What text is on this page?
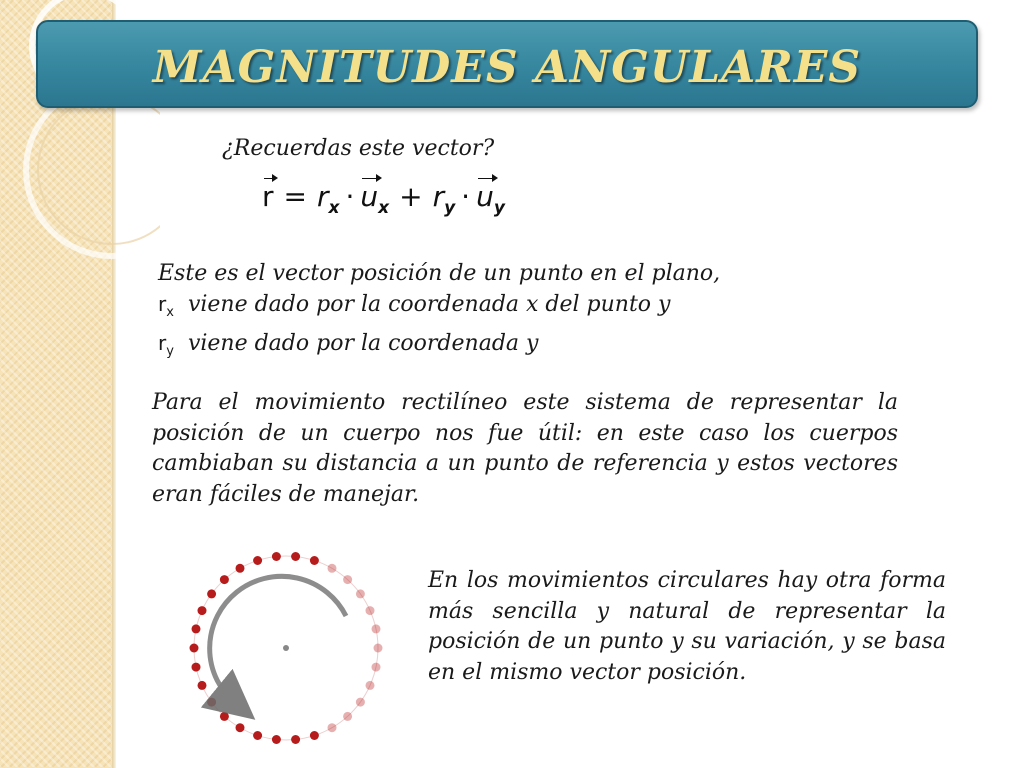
MAGNITUDES ANGULARES
¿Recuerdas este vector?
$r = r_x \cdot u_x + r_y \cdot u_y$
Este es el vector posición de un punto en el plano,
$r_x$ viene dado por la coordenada x del punto y
$r_y$ viene dado por la coordenada y
Para el movimiento rectilíneo este sistema de representar la posición de un cuerpo nos fue útil: en este caso los cuerpos cambiaban su distancia a un punto de referencia y estos vectores eran fáciles de manejar.
En los movimientos circulares hay otra forma más sencilla y natural de representar la posición de un punto y su variación, y se basa en el mismo vector posición.
